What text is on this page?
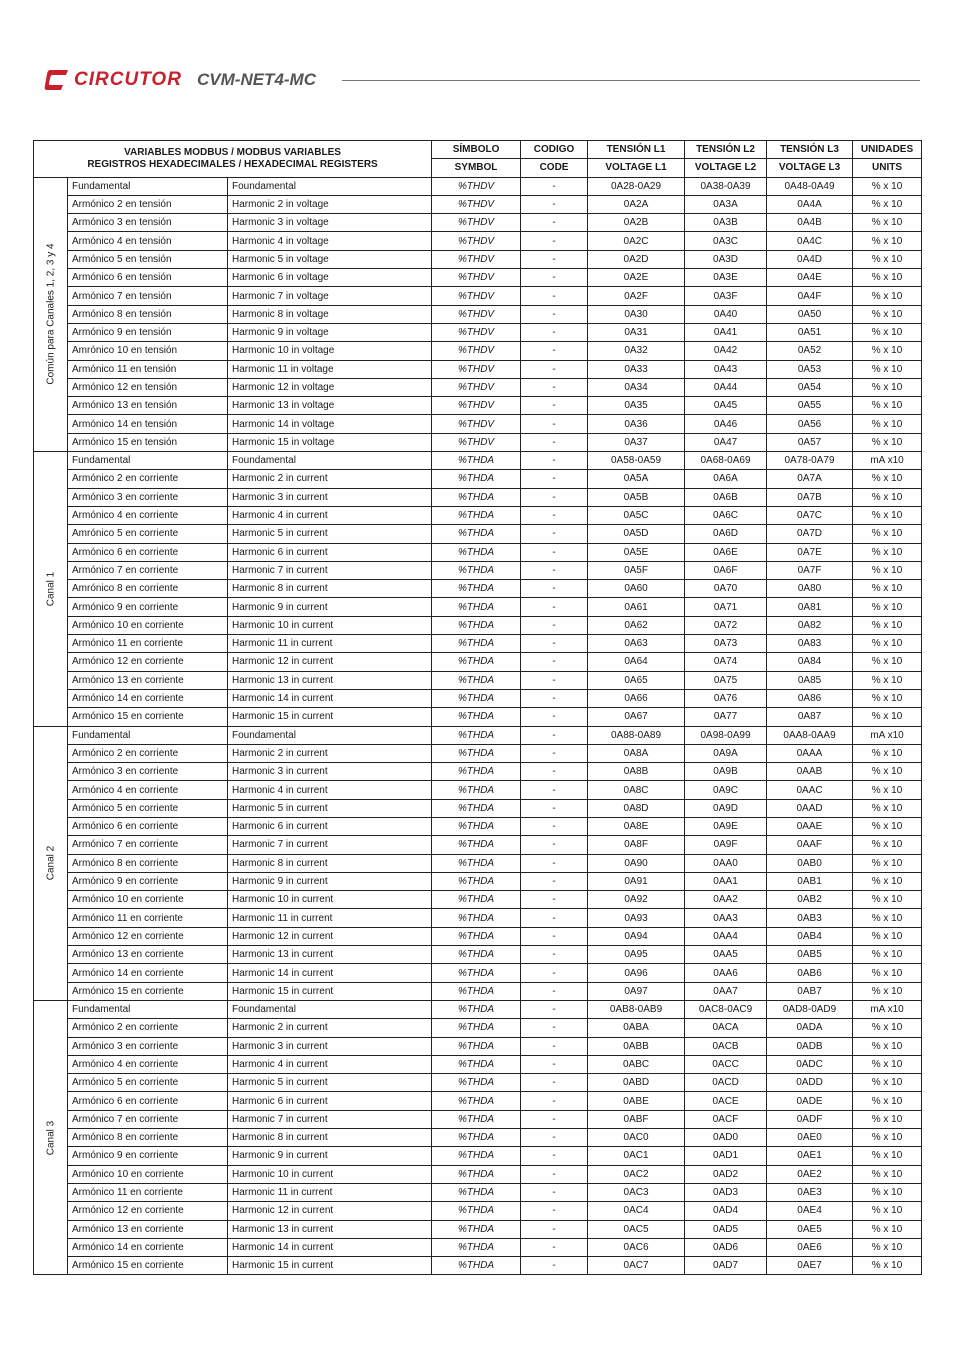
CIRCUTOR CVM-NET4-MC
VARIABLES MODBUS / MODBUS VARIABLES
REGISTROS HEXADECIMALES / HEXADECIMAL REGISTERS			SÍMBOLO	CODIGO	TENSIÓN L1	TENSIÓN L2	TENSIÓN L3	UNIDADES
			SYMBOL	CODE	VOLTAGE L1	VOLTAGE L2	VOLTAGE L3	UNITS

Común para Canales 1, 2, 3 y 4	Fundamental	Foundamental	%THDV	-	0A28-0A29	0A38-0A39	0A48-0A49	% x 10
	Armónico 2 en tensión	Harmonic 2 in voltage	%THDV	-	0A2A	0A3A	0A4A	% x 10
	Armónico 3 en tensión	Harmonic 3 in voltage	%THDV	-	0A2B	0A3B	0A4B	% x 10
	Armónico 4 en tensión	Harmonic 4 in voltage	%THDV	-	0A2C	0A3C	0A4C	% x 10
	Armónico 5 en tensión	Harmonic 5 in voltage	%THDV	-	0A2D	0A3D	0A4D	% x 10
	Armónico 6 en tensión	Harmonic 6 in voltage	%THDV	-	0A2E	0A3E	0A4E	% x 10
	Armónico 7 en tensión	Harmonic 7 in voltage	%THDV	-	0A2F	0A3F	0A4F	% x 10
	Armónico 8 en tensión	Harmonic 8 in voltage	%THDV	-	0A30	0A40	0A50	% x 10
	Armónico 9 en tensión	Harmonic 9 in voltage	%THDV	-	0A31	0A41	0A51	% x 10
	Amrónico 10 en tensión	Harmonic 10 in voltage	%THDV	-	0A32	0A42	0A52	% x 10
	Armónico 11 en tensión	Harmonic 11 in voltage	%THDV	-	0A33	0A43	0A53	% x 10
	Armónico 12 en tensión	Harmonic 12 in voltage	%THDV	-	0A34	0A44	0A54	% x 10
	Armónico 13 en tensión	Harmonic 13 in voltage	%THDV	-	0A35	0A45	0A55	% x 10
	Armónico 14 en tensión	Harmonic 14 in voltage	%THDV	-	0A36	0A46	0A56	% x 10
	Armónico 15 en tensión	Harmonic 15 in voltage	%THDV	-	0A37	0A47	0A57	% x 10

Canal 1	Fundamental	Foundamental	%THDA	-	0A58-0A59	0A68-0A69	0A78-0A79	mA x10
	Armónico 2 en corriente	Harmonic 2 in current	%THDA	-	0A5A	0A6A	0A7A	% x 10
	Armónico 3 en corriente	Harmonic 3 in current	%THDA	-	0A5B	0A6B	0A7B	% x 10
	Armónico 4 en corriente	Harmonic 4 in current	%THDA	-	0A5C	0A6C	0A7C	% x 10
	Amrónico 5 en corriente	Harmonic 5 in current	%THDA	-	0A5D	0A6D	0A7D	% x 10
	Armónico 6 en corriente	Harmonic 6 in current	%THDA	-	0A5E	0A6E	0A7E	% x 10
	Armónico 7 en corriente	Harmonic 7 in current	%THDA	-	0A5F	0A6F	0A7F	% x 10
	Amrónico 8 en corriente	Harmonic 8 in current	%THDA	-	0A60	0A70	0A80	% x 10
	Armónico 9 en corriente	Harmonic 9 in current	%THDA	-	0A61	0A71	0A81	% x 10
	Armónico 10 en corriente	Harmonic 10 in current	%THDA	-	0A62	0A72	0A82	% x 10
	Armónico 11 en corriente	Harmonic 11 in current	%THDA	-	0A63	0A73	0A83	% x 10
	Armónico 12 en corriente	Harmonic 12 in current	%THDA	-	0A64	0A74	0A84	% x 10
	Armónico 13 en corriente	Harmonic 13 in current	%THDA	-	0A65	0A75	0A85	% x 10
	Armónico 14 en corriente	Harmonic 14 in current	%THDA	-	0A66	0A76	0A86	% x 10
	Armónico 15 en corriente	Harmonic 15 in current	%THDA	-	0A67	0A77	0A87	% x 10

Canal 2	Fundamental	Foundamental	%THDA	-	0A88-0A89	0A98-0A99	0AA8-0AA9	mA x10
	Armónico 2 en corriente	Harmonic 2 in current	%THDA	-	0A8A	0A9A	0AAA	% x 10
	Armónico 3 en corriente	Harmonic 3 in current	%THDA	-	0A8B	0A9B	0AAB	% x 10
	Armónico 4 en corriente	Harmonic 4 in current	%THDA	-	0A8C	0A9C	0AAC	% x 10
	Armónico 5 en corriente	Harmonic 5 in current	%THDA	-	0A8D	0A9D	0AAD	% x 10
	Armónico 6 en corriente	Harmonic 6 in current	%THDA	-	0A8E	0A9E	0AAE	% x 10
	Armónico 7 en corriente	Harmonic 7 in current	%THDA	-	0A8F	0A9F	0AAF	% x 10
	Armónico 8 en corriente	Harmonic 8 in current	%THDA	-	0A90	0AA0	0AB0	% x 10
	Armónico 9 en corriente	Harmonic 9 in current	%THDA	-	0A91	0AA1	0AB1	% x 10
	Armónico 10 en corriente	Harmonic 10 in current	%THDA	-	0A92	0AA2	0AB2	% x 10
	Armónico 11 en corriente	Harmonic 11 in current	%THDA	-	0A93	0AA3	0AB3	% x 10
	Armónico 12 en corriente	Harmonic 12 in current	%THDA	-	0A94	0AA4	0AB4	% x 10
	Armónico 13 en corriente	Harmonic 13 in current	%THDA	-	0A95	0AA5	0AB5	% x 10
	Armónico 14 en corriente	Harmonic 14 in current	%THDA	-	0A96	0AA6	0AB6	% x 10
	Armónico 15 en corriente	Harmonic 15 in current	%THDA	-	0A97	0AA7	0AB7	% x 10

Canal 3	Fundamental	Foundamental	%THDA	-	0AB8-0AB9	0AC8-0AC9	0AD8-0AD9	mA x10
	Armónico 2 en corriente	Harmonic 2 in current	%THDA	-	0ABA	0ACA	0ADA	% x 10
	Armónico 3 en corriente	Harmonic 3 in current	%THDA	-	0ABB	0ACB	0ADB	% x 10
	Armónico 4 en corriente	Harmonic 4 in current	%THDA	-	0ABC	0ACC	0ADC	% x 10
	Armónico 5 en corriente	Harmonic 5 in current	%THDA	-	0ABD	0ACD	0ADD	% x 10
	Armónico 6 en corriente	Harmonic 6 in current	%THDA	-	0ABE	0ACE	0ADE	% x 10
	Armónico 7 en corriente	Harmonic 7 in current	%THDA	-	0ABF	0ACF	0ADF	% x 10
	Armónico 8 en corriente	Harmonic 8 in current	%THDA	-	0AC0	0AD0	0AE0	% x 10
	Armónico 9 en corriente	Harmonic 9 in current	%THDA	-	0AC1	0AD1	0AE1	% x 10
	Armónico 10 en corriente	Harmonic 10 in current	%THDA	-	0AC2	0AD2	0AE2	% x 10
	Armónico 11 en corriente	Harmonic 11 in current	%THDA	-	0AC3	0AD3	0AE3	% x 10
	Armónico 12 en corriente	Harmonic 12 in current	%THDA	-	0AC4	0AD4	0AE4	% x 10
	Armónico 13 en corriente	Harmonic 13 in current	%THDA	-	0AC5	0AD5	0AE5	% x 10
	Armónico 14 en corriente	Harmonic 14 in current	%THDA	-	0AC6	0AD6	0AE6	% x 10
	Armónico 15 en corriente	Harmonic 15 in current	%THDA	-	0AC7	0AD7	0AE7	% x 10
